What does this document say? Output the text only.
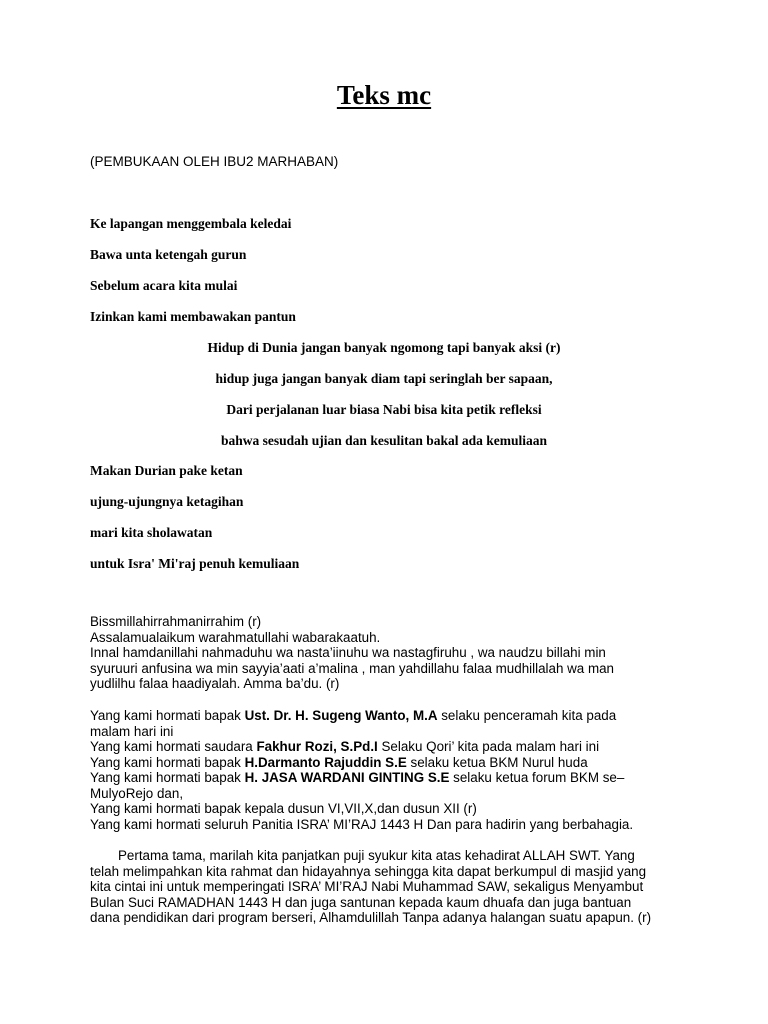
Teks mc
(PEMBUKAAN OLEH IBU2 MARHABAN)

Ke lapangan menggembala keledai

Bawa unta ketengah gurun

Sebelum acara kita mulai

Izinkan kami membawakan pantun

Hidup di Dunia jangan banyak ngomong tapi banyak aksi (r)

hidup juga jangan banyak diam tapi seringlah ber sapaan,

Dari perjalanan luar biasa Nabi bisa kita petik refleksi

bahwa sesudah ujian dan kesulitan bakal ada kemuliaan

Makan Durian pake ketan

ujung-ujungnya ketagihan

mari kita sholawatan

untuk Isra' Mi'raj penuh kemuliaan

Bissmillahirrahmanirrahim (r)
Assalamualaikum warahmatullahi wabarakaatuh.
Innal hamdanillahi nahmaduhu wa nasta’iinuhu wa nastagfiruhu , wa naudzu billahi min
syuruuri anfusina wa min sayyia’aati a’malina , man yahdillahu falaa mudhillalah wa man
yudlilhu falaa haadiyalah. Amma ba’du. (r)
Yang kami hormati bapak Ust. Dr. H. Sugeng Wanto, M.A selaku penceramah kita pada
malam hari ini
Yang kami hormati saudara Fakhur Rozi, S.Pd.I Selaku Qori’ kita pada malam hari ini
Yang kami hormati bapak H.Darmanto Rajuddin S.E selaku ketua BKM Nurul huda
Yang kami hormati bapak H. JASA WARDANI GINTING S.E selaku ketua forum BKM se–
MulyoRejo dan,
Yang kami hormati bapak kepala dusun VI,VII,X,dan dusun XII (r)
Yang kami hormati seluruh Panitia ISRA’ MI’RAJ 1443 H Dan para hadirin yang berbahagia.
Pertama tama, marilah kita panjatkan puji syukur kita atas kehadirat ALLAH SWT. Yang
telah melimpahkan kita rahmat dan hidayahnya sehingga kita dapat berkumpul di masjid yang
kita cintai ini untuk memperingati ISRA’ MI’RAJ Nabi Muhammad SAW, sekaligus Menyambut
Bulan Suci RAMADHAN 1443 H dan juga santunan kepada kaum dhuafa dan juga bantuan
dana pendidikan dari program berseri, Alhamdulillah Tanpa adanya halangan suatu apapun. (r)
